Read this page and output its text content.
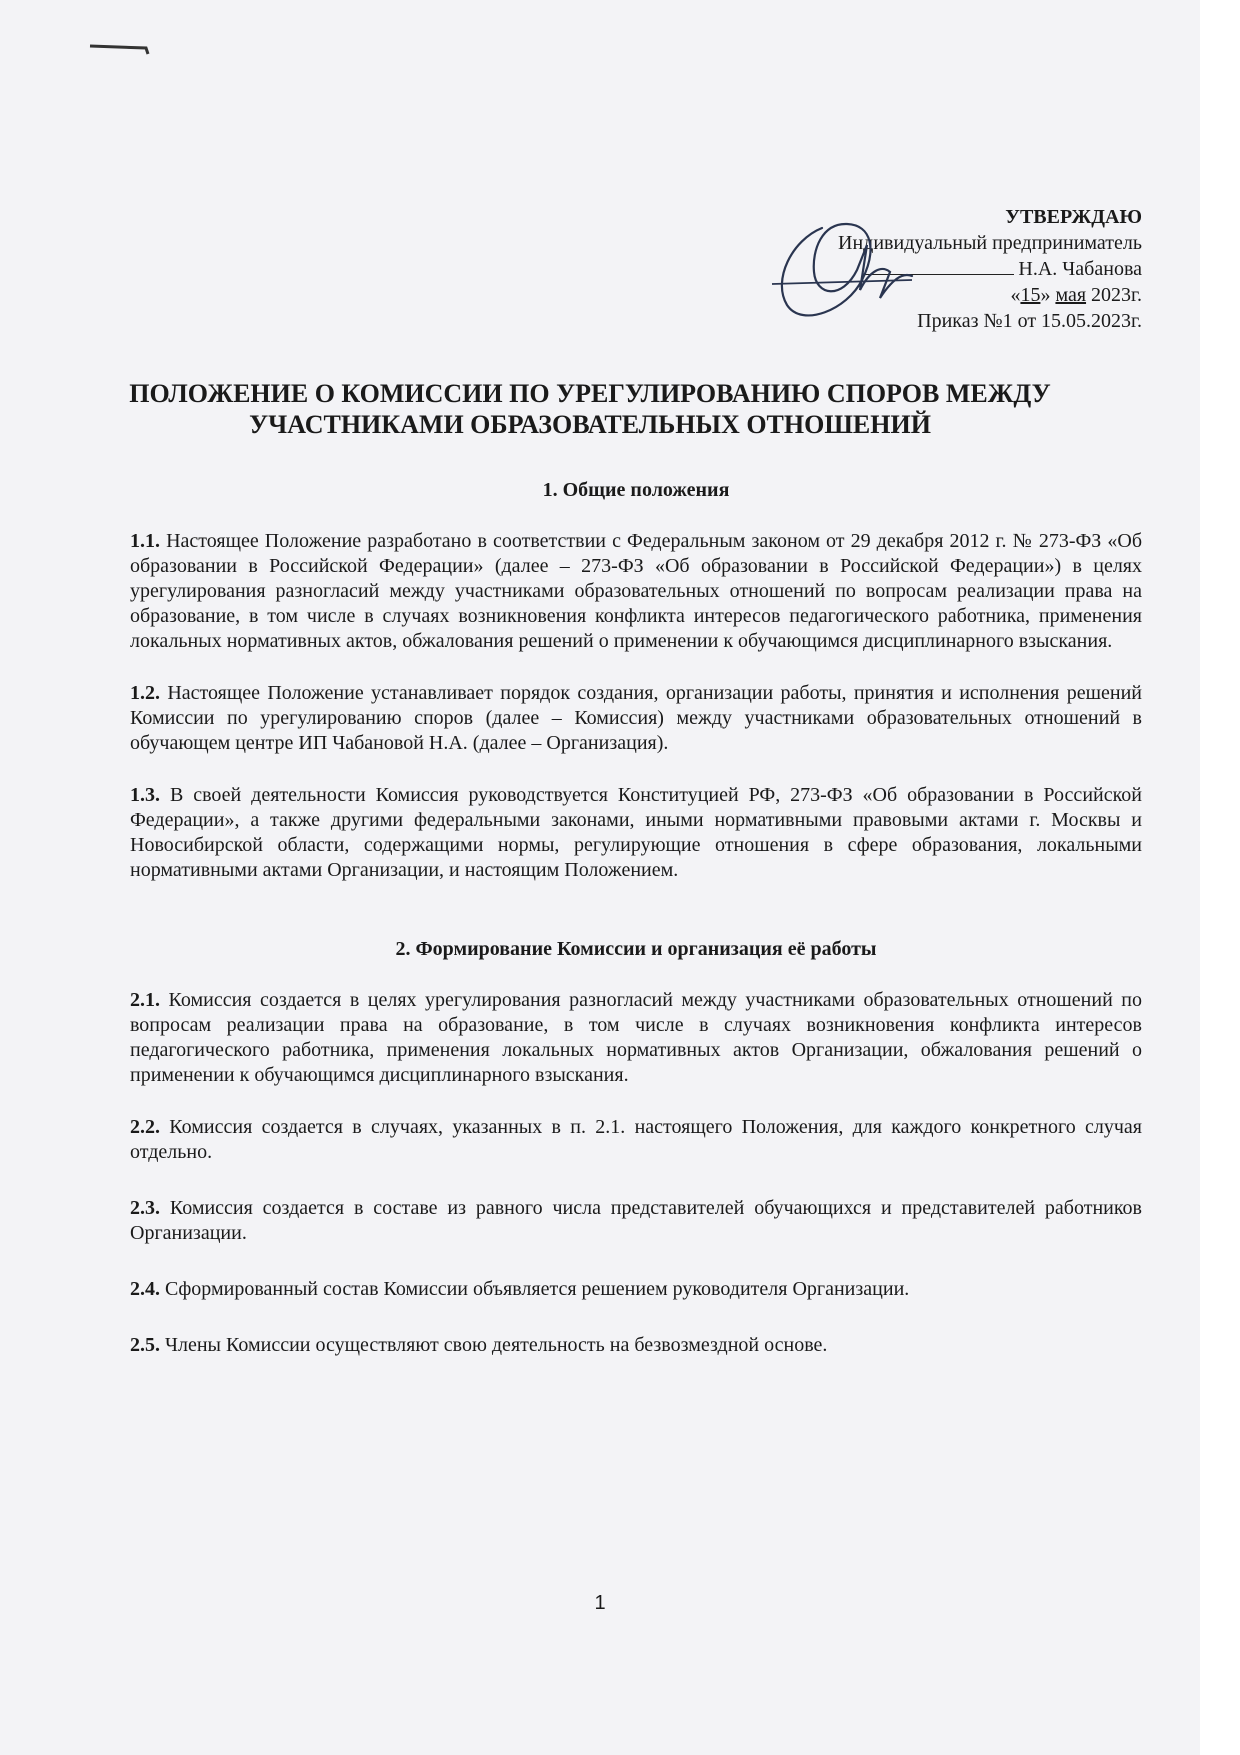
УТВЕРЖДАЮ
Индивидуальный предприниматель
Н.А. Чабанова
«15» мая 2023г.
Приказ №1 от 15.05.2023г.
ПОЛОЖЕНИЕ О КОМИССИИ ПО УРЕГУЛИРОВАНИЮ СПОРОВ МЕЖДУ
УЧАСТНИКАМИ ОБРАЗОВАТЕЛЬНЫХ ОТНОШЕНИЙ
1. Общие положения

1.1. Настоящее Положение разработано в соответствии с Федеральным законом от 29 декабря 2012 г. № 273-ФЗ «Об образовании в Российской Федерации» (далее – 273-ФЗ «Об образовании в Российской Федерации») в целях урегулирования разногласий между участниками образовательных отношений по вопросам реализации права на образование, в том числе в случаях возникновения конфликта интересов педагогического работника, применения локальных нормативных актов, обжалования решений о применении к обучающимся дисциплинарного взыскания.

1.2. Настоящее Положение устанавливает порядок создания, организации работы, принятия и исполнения решений Комиссии по урегулированию споров (далее – Комиссия) между участниками образовательных отношений в обучающем центре ИП Чабановой Н.А. (далее – Организация).

1.3. В своей деятельности Комиссия руководствуется Конституцией РФ, 273-ФЗ «Об образовании в Российской Федерации», а также другими федеральными законами, иными нормативными правовыми актами г. Москвы и Новосибирской области, содержащими нормы, регулирующие отношения в сфере образования, локальными нормативными актами Организации, и настоящим Положением.

2. Формирование Комиссии и организация её работы

2.1. Комиссия создается в целях урегулирования разногласий между участниками образовательных отношений по вопросам реализации права на образование, в том числе в случаях возникновения конфликта интересов педагогического работника, применения локальных нормативных актов Организации, обжалования решений о применении к обучающимся дисциплинарного взыскания.

2.2. Комиссия создается в случаях, указанных в п. 2.1. настоящего Положения, для каждого конкретного случая отдельно.

2.3. Комиссия создается в составе из равного числа представителей обучающихся и представителей работников Организации.

2.4. Сформированный состав Комиссии объявляется решением руководителя Организации.

2.5. Члены Комиссии осуществляют свою деятельность на безвозмездной основе.

1
